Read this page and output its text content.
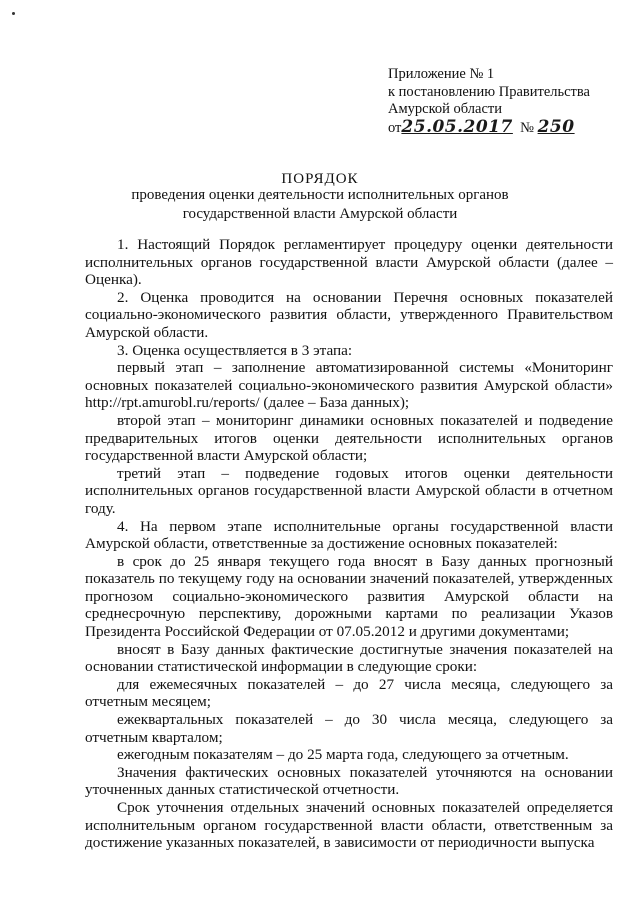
Приложение № 1
к постановлению Правительства
Амурской области
от25.05.2017 № 250
ПОРЯДОК
проведения оценки деятельности исполнительных органов государственной власти Амурской области

1. Настоящий Порядок регламентирует процедуру оценки деятельности исполнительных органов государственной власти Амурской области (далее – Оценка).

2. Оценка проводится на основании Перечня основных показателей социально-экономического развития области, утвержденного Правительством Амурской области.

3. Оценка осуществляется в 3 этапа:

первый этап – заполнение автоматизированной системы «Мониторинг основных показателей социально-экономического развития Амурской области» http://rpt.amurobl.ru/reports/ (далее – База данных);

второй этап – мониторинг динамики основных показателей и подведение предварительных итогов оценки деятельности исполнительных органов государственной власти Амурской области;

третий этап – подведение годовых итогов оценки деятельности исполнительных органов государственной власти Амурской области в отчетном году.

4. На первом этапе исполнительные органы государственной власти Амурской области, ответственные за достижение основных показателей:

в срок до 25 января текущего года вносят в Базу данных прогнозный показатель по текущему году на основании значений показателей, утвержденных прогнозом социально-экономического развития Амурской области на среднесрочную перспективу, дорожными картами по реализации Указов Президента Российской Федерации от 07.05.2012 и другими документами;

вносят в Базу данных фактические достигнутые значения показателей на основании статистической информации в следующие сроки:

для ежемесячных показателей – до 27 числа месяца, следующего за отчетным месяцем;

ежеквартальных показателей – до 30 числа месяца, следующего за отчетным кварталом;

ежегодным показателям – до 25 марта года, следующего за отчетным.

Значения фактических основных показателей уточняются на основании уточненных данных статистической отчетности.

Срок уточнения отдельных значений основных показателей определяется исполнительным органом государственной власти области, ответственным за достижение указанных показателей, в зависимости от периодичности выпуска
